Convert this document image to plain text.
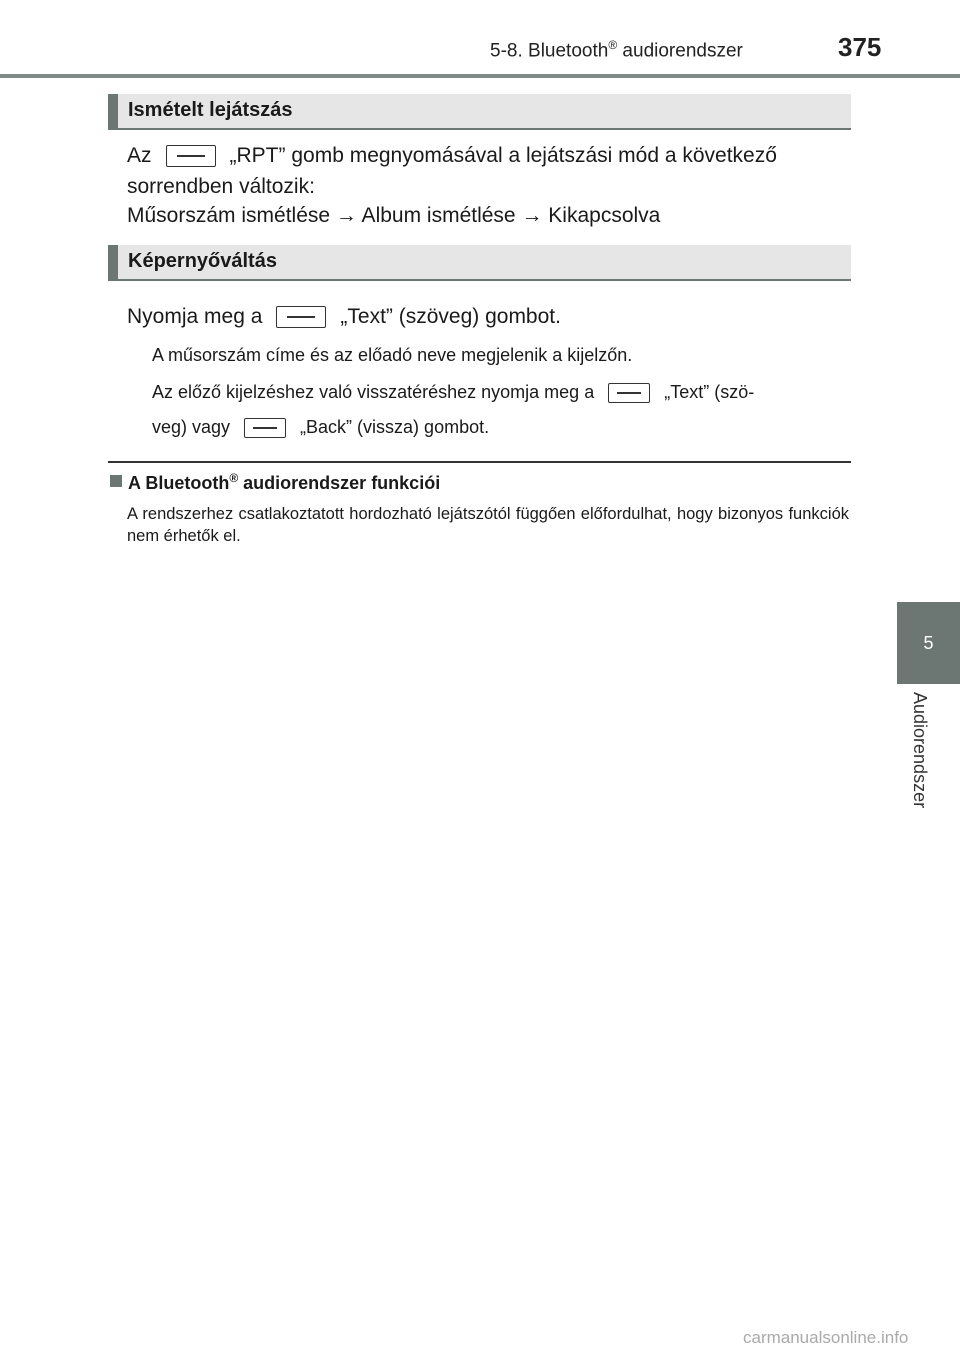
5-8. Bluetooth® audiorendszer	375
5
Audiorendszer
Ismételt lejátszás
Az	„RPT” gomb megnyomásával a lejátszási mód a következő
sorrendben változik:
Műsorszám ismétlése → Album ismétlése → Kikapcsolva
Képernyőváltás
Nyomja meg a	„Text” (szöveg) gombot.
A műsorszám címe és az előadó neve megjelenik a kijelzőn.
Az előző kijelzéshez való visszatéréshez nyomja meg a	„Text” (szö-
veg) vagy	„Back” (vissza) gombot.
A Bluetooth® audiorendszer funkciói
A rendszerhez csatlakoztatott hordozható lejátszótól függően előfordulhat, hogy bizonyos funkciók nem érhetők el.
carmanualsonline.info
